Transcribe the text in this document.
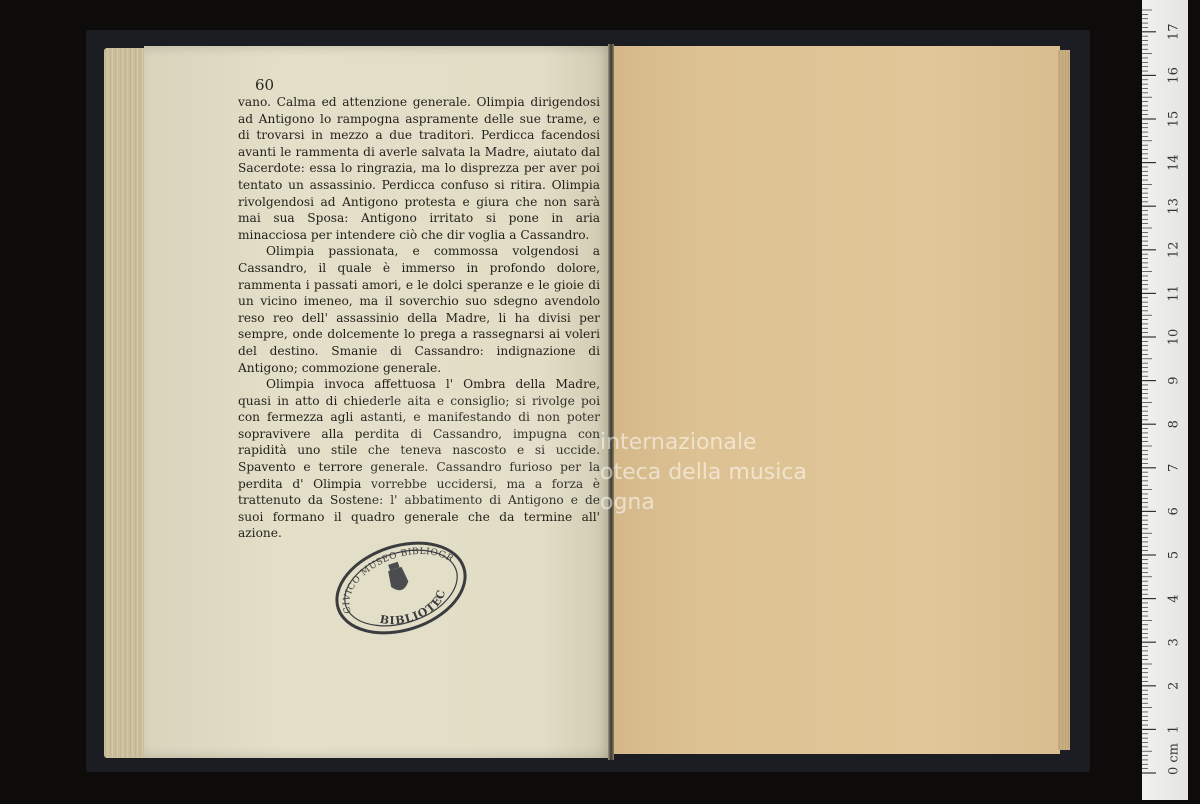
60

vano. Calma ed attenzione generale. Olimpia dirigendosi ad Antigono lo rampogna aspramente delle sue trame, e di trovarsi in mezzo a due traditori. Perdicca facendosi avanti le rammenta di averle salvata la Madre, aiutato dal Sacerdote: essa lo ringrazia, ma lo disprezza per aver poi tentato un assassinio. Perdicca confuso si ritira. Olimpia rivolgendosi ad Antigono protesta e giura che non sarà mai sua Sposa: Antigono irritato si pone in aria minacciosa per intendere ciò che dir voglia a Cassandro.

Olimpia passionata, e commossa volgendosi a Cassandro, il quale è immerso in profondo dolore, rammenta i passati amori, e le dolci speranze e le gioie di un vicino imeneo, ma il soverchio suo sdegno avendolo reso reo dell' assassinio della Madre, li ha divisi per sempre, onde dolcemente lo prega a rassegnarsi ai voleri del destino. Smanie di Cassandro: indignazione di Antigono; commozione generale.

Olimpia invoca affettuosa l' Ombra della Madre, quasi in atto di chiederle aita e consiglio; si rivolge poi con fermezza agli astanti, e manifestando di non poter sopravivere alla perdita di Cassandro, impugna con rapidità uno stile che teneva nascosto e si uccide. Spavento e terrore generale. Cassandro furioso per la perdita d' Olimpia vorrebbe uccidersi, ma a forza è trattenuto da Sostene: l' abbatimento di Antigono e de suoi formano il quadro generale che da termine all' azione.

internazionale
oteca della musica
ogna
CIVICO MUSEO BIBLIOGRAFICO
BIBLIOTECA
0 cm
1
2
3
4
5
6
7
8
9
10
11
12
13
14
15
16
17
